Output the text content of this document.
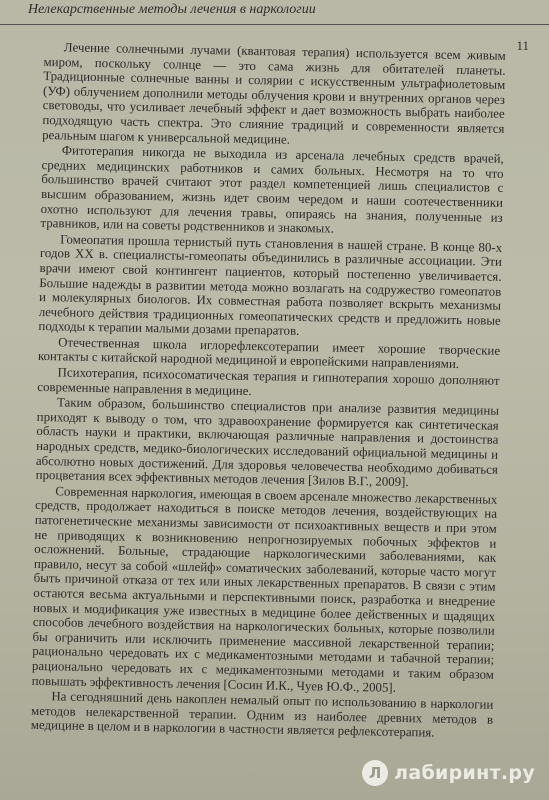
Нелекарственные методы лечения в наркологии
11

Лечение солнечными лучами (квантовая терапия) используется всем живым миром, поскольку солнце — это сама жизнь для обитателей планеты. Традиционные солнечные ванны и солярии с искусственным ультрафиолетовым (УФ) облучением дополнили методы облучения крови и внутренних органов через световоды, что усиливает лечебный эффект и дает возможность выбрать наиболее подходящую часть спектра. Это слияние традиций и современности является реальным шагом к универсальной медицине.

Фитотерапия никогда не выходила из арсенала лечебных средств врачей, средних медицинских работников и самих больных. Несмотря на то что большинство врачей считают этот раздел компетенцией лишь специалистов с высшим образованием, жизнь идет своим чередом и наши соотечественники охотно используют для лечения травы, опираясь на знания, полученные из травников, или на советы родственников и знакомых.

Гомеопатия прошла тернистый путь становления в нашей стране. В конце 80-х годов XX в. специалисты-гомеопаты объединились в различные ассоциации. Эти врачи имеют свой контингент пациентов, который постепенно увеличивается. Большие надежды в развитии метода можно возлагать на содружество гомеопатов и молекулярных биологов. Их совместная работа позволяет вскрыть механизмы лечебного действия традиционных гомеопатических средств и предложить новые подходы к терапии малыми дозами препаратов.

Отечественная школа иглорефлексотерапии имеет хорошие творческие контакты с китайской народной медициной и европейскими направлениями.

Психотерапия, психосоматическая терапия и гипнотерапия хорошо дополняют современные направления в медицине.

Таким образом, большинство специалистов при анализе развития медицины приходят к выводу о том, что здравоохранение формируется как синтетическая область науки и практики, включающая различные направления и достоинства народных средств, медико-биологических исследований официальной медицины и абсолютно новых достижений. Для здоровья человечества необходимо добиваться процветания всех эффективных методов лечения [Зилов В.Г., 2009].

Современная наркология, имеющая в своем арсенале множество лекарственных средств, продолжает находиться в поиске методов лечения, воздействующих на патогенетические механизмы зависимости от психоактивных веществ и при этом не приводящих к возникновению непрогнозируемых побочных эффектов и осложнений. Больные, страдающие наркологическими заболеваниями, как правило, несут за собой «шлейф» соматических заболеваний, которые часто могут быть причиной отказа от тех или иных лекарственных препаратов. В связи с этим остаются весьма актуальными и перспективными поиск, разработка и внедрение новых и модификация уже известных в медицине более действенных и щадящих способов лечебного воздействия на наркологических больных, которые позволили бы ограничить или исключить применение массивной лекарственной терапии; рационально чередовать их с медикаментозными методами и табачной терапии; рационально чередовать их с медикаментозными методами и таким образом повышать эффективность лечения [Сосин И.К., Чуев Ю.Ф., 2005].

На сегодняшний день накоплен немалый опыт по использованию в наркологии методов нелекарственной терапии. Одним из наиболее древних методов в медицине в целом и в наркологии в частности является рефлексотерапия.

Л лабиринт.ру
